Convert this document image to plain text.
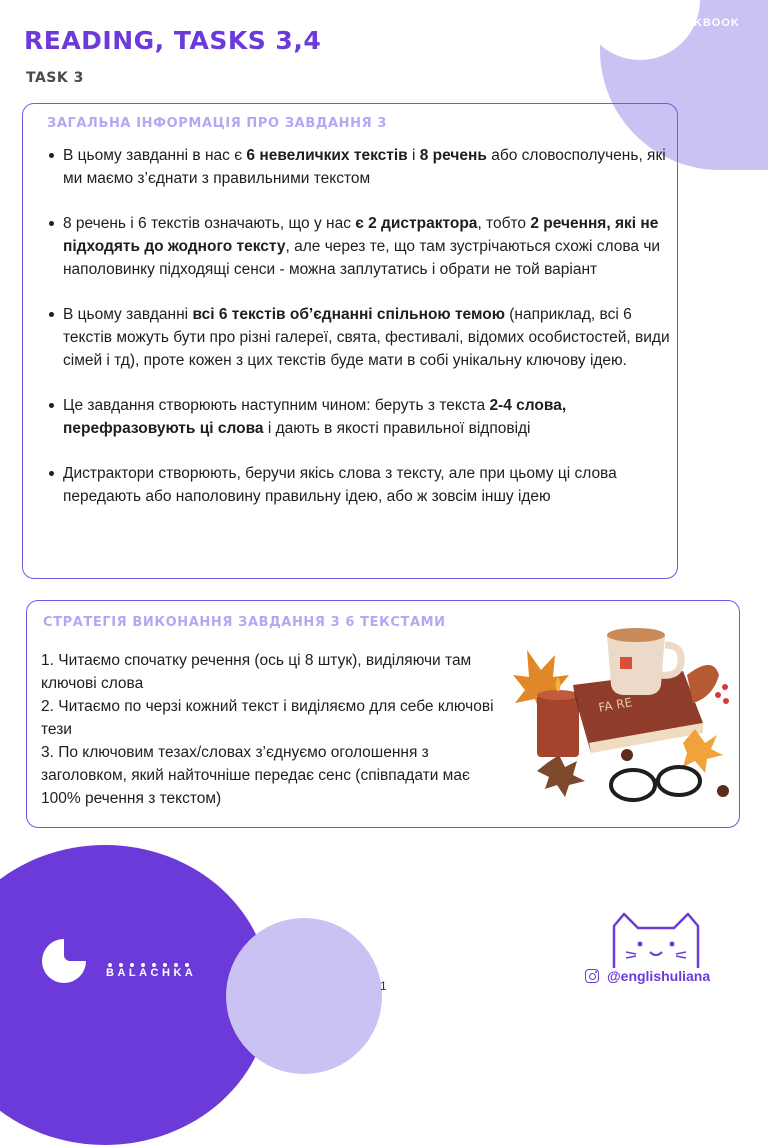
WORKBOOK
READING, TASKS 3,4
TASK 3
ЗАГАЛЬНА ІНФОРМАЦІЯ ПРО ЗАВДАННЯ 3
В цьому завданні в нас є 6 невеличких текстів і 8 речень або словосполучень, які ми маємо з’єднати з правильними текстом
8 речень і 6 текстів означають, що у нас є 2 дистрактора, тобто 2 речення, які не підходять до жодного тексту, але через те, що там зустрічаються схожі слова чи наполовинку підходящі сенси - можна заплутатись і обрати не той варіант
В цьому завданні всі 6 текстів об’єднанні спільною темою (наприклад, всі 6 текстів можуть бути про різні галереї, свята, фестивалі, відомих особистостей, види сімей і тд), проте кожен з цих текстів буде мати в собі унікальну ключову ідею.
Це завдання створюють наступним чином: беруть з текста 2-4 слова, перефразовують ці слова і дають в якості правильної відповіді
Дистрактори створюють, беручи якісь слова з тексту, але при цьому ці слова передають або наполовину правильну ідею, або ж зовсім іншу ідею
СТРАТЕГІЯ ВИКОНАННЯ ЗАВДАННЯ 3 6 ТЕКСТАМИ
1. Читаємо спочатку речення (ось ці 8 штук), виділяючи там ключові слова
2. Читаємо по черзі кожний текст і виділяємо для себе ключові тези
3. По ключовим тезах/словах з’єднуємо оголошення з заголовком, який найточніше передає сенс (співпадати має 100% речення з текстом)
FA RE
BALACHKA
1
@englishuliana
